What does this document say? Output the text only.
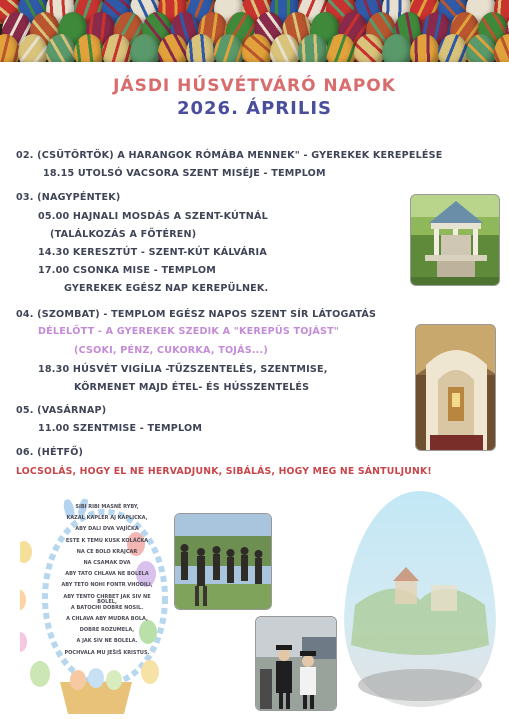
JÁSDI HÚSVÉTVÁRÓ NAPOK
2026. ÁPRILIS
02. (CSÜTÖRTÖK) A HARANGOK RÓMÁBA MENNEK" - GYEREKEK KEREPELÉSE
18.15 UTOLSÓ VACSORA SZENT MISÉJE - TEMPLOM
03. (NAGYPÉNTEK)
05.00 HAJNALI MOSDÁS A SZENT-KÚTNÁL
(TALÁLKOZÁS A FŐTÉREN)
14.30 KERESZTÚT - SZENT-KÚT KÁLVÁRIA
17.00 CSONKA MISE - TEMPLOM
GYEREKEK EGÉSZ NAP KEREPÜLNEK.
04. (SZOMBAT) - TEMPLOM EGÉSZ NAPOS SZENT SÍR LÁTOGATÁS
DÉLELŐTT - A GYEREKEK SZEDIK A "KEREPÜS TOJÁST"
(CSOKI, PÉNZ, CUKORKA, TOJÁS...)
18.30 HÚSVÉT VIGÍLIA -TŰZSZENTELÉS, SZENTMISE,
KÖRMENET MAJD ÉTEL- ÉS HÚSSZENTELÉS
05. (VASÁRNAP)
11.00 SZENTMISE - TEMPLOM
06. (HÉTFŐ)
LOCSOLÁS, HOGY EL NE HERVADJUNK, SIBÁLÁS, HOGY MEG NE SÁNTULJUNK!
SIBI RIBI MASNÉ RYBY,
KAZAL KAPLER AJ KAPLICKA,
ABY DALI DVA VAJÍČKA
ESTE K TEMU KUSK KOLÁČKA
NA CE BOLO KRAJCAR
NA CSAMAK DVA
ABY TATO CHLAVA NE BOLELA
ABY TETO NOHI FONTR VHODILI,
ABY TENTO CHRBET JAK SIV NE BOLEL,
A BATOCHI DOBRE NOSIL.
A CHLAVA ABY MUDRA BOLA,
DOBRE ROZUMELA,
A JAK SIV NE BOLELA.
POCHVALA MU JEŠIŠ KRISTUS.
